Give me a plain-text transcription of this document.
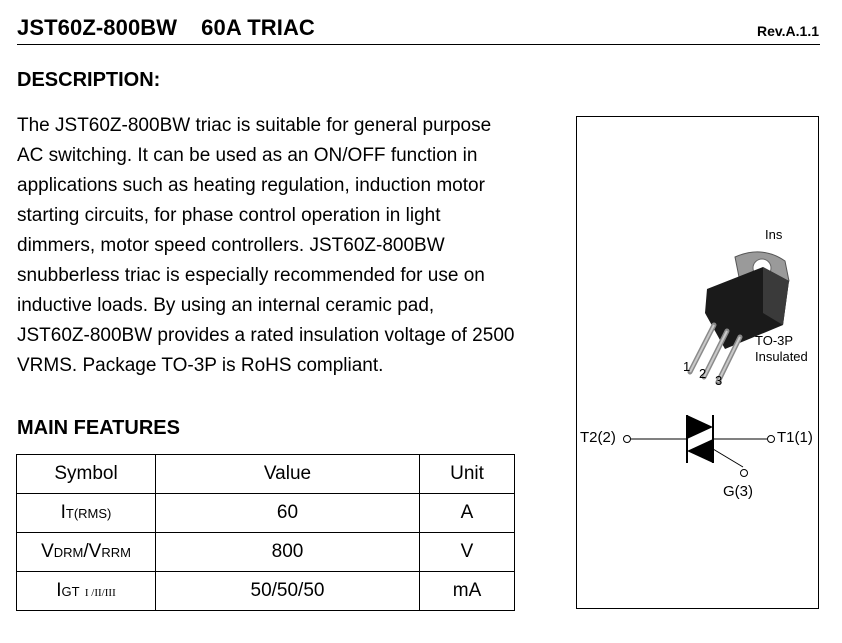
JST60Z-800BW 60A TRIAC	Rev.A.1.1
DESCRIPTION:
The JST60Z-800BW triac is suitable for general purpose
AC switching. It can be used as an ON/OFF function in
applications such as heating regulation, induction motor
starting circuits, for phase control operation in light
dimmers, motor speed controllers. JST60Z-800BW
snubberless triac is especially recommended for use on
inductive loads. By using an internal ceramic pad,
JST60Z-800BW provides a rated insulation voltage of 2500
VRMS. Package TO-3P is RoHS compliant.
MAIN FEATURES
Symbol	Value	Unit
IT(RMS)	60	A
VDRM/VRRM	800	V
IGT I /II/III	50/50/50	mA
Ins
TO-3P
Insulated
1 2 3
T2(2)	T1(1)
G(3)
